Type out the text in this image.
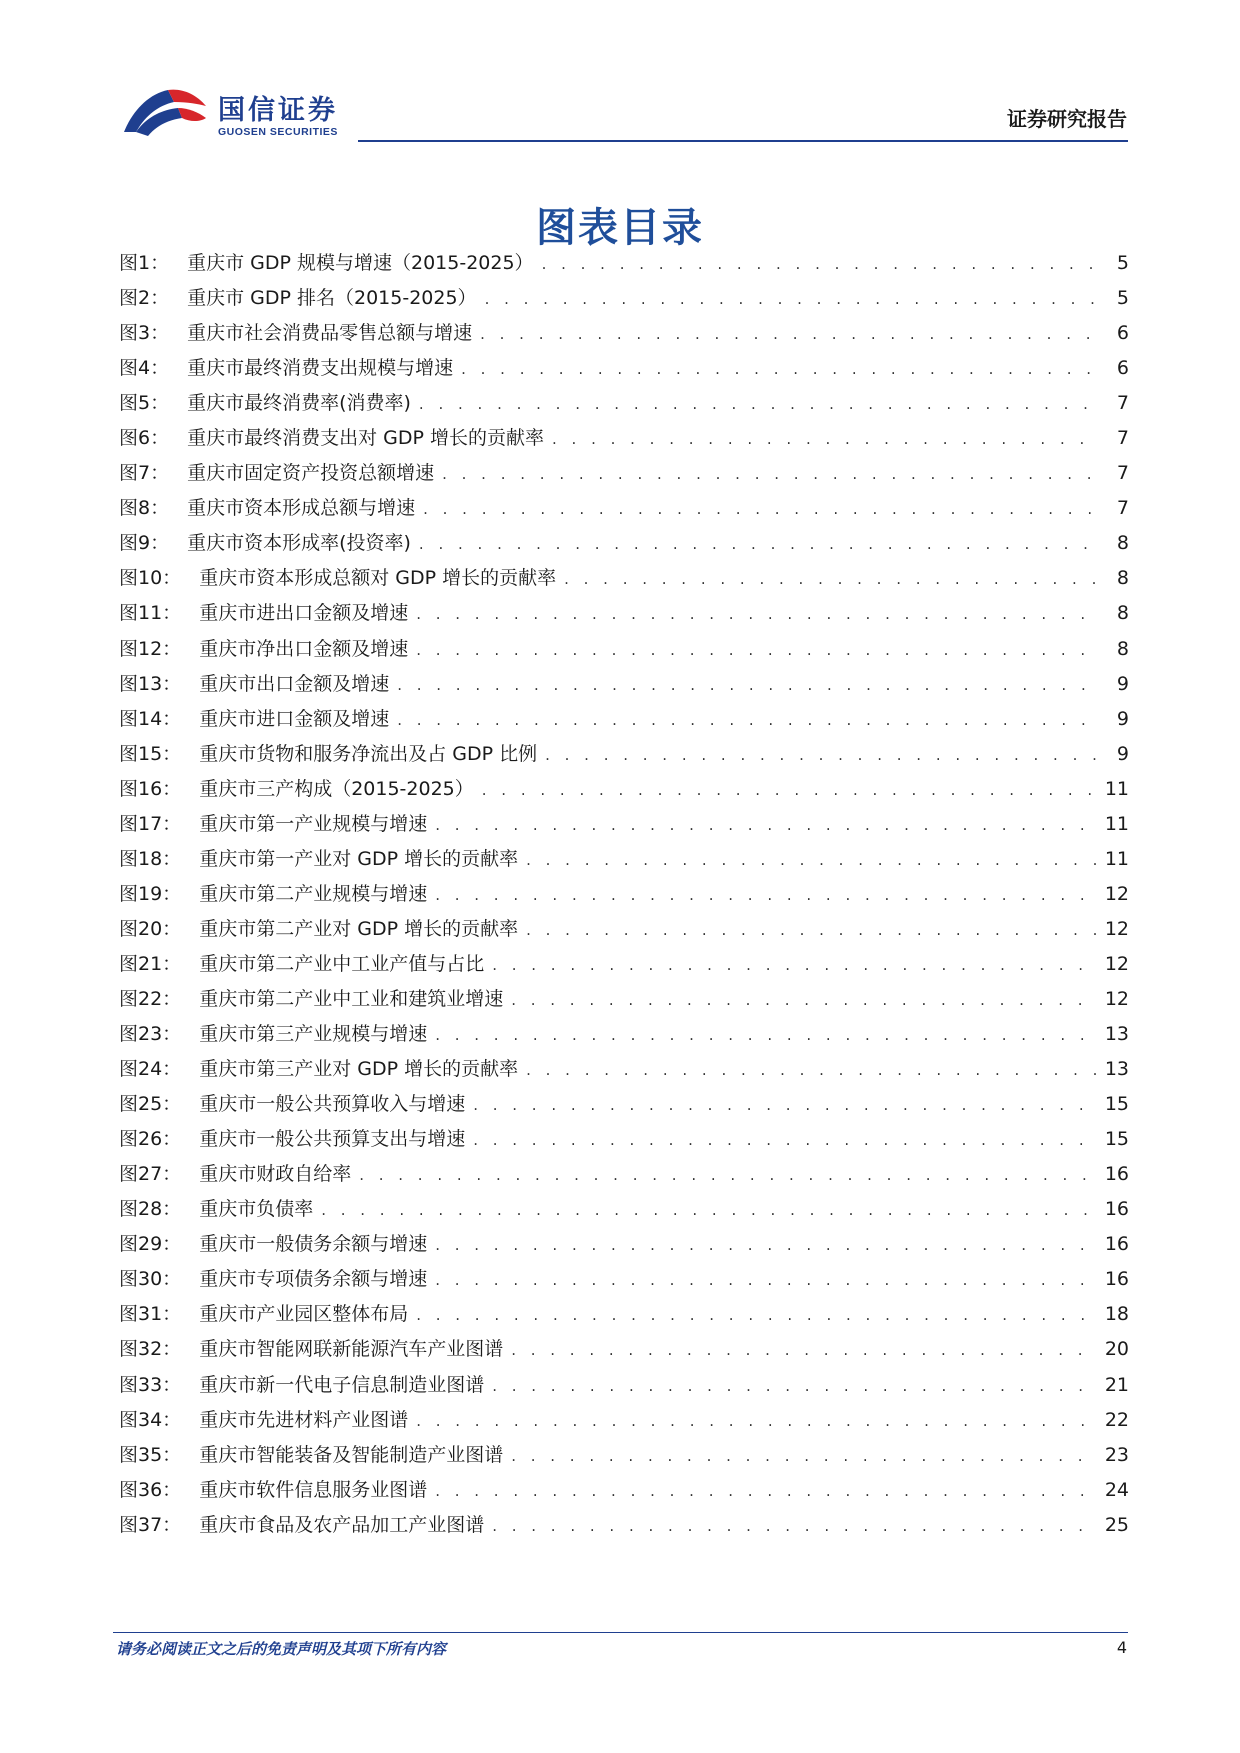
国信证券
GUOSEN SECURITIES
证券研究报告
图表目录
图1： 重庆市 GDP 规模与增速（2015-2025） . . .	5
图2： 重庆市 GDP 排名（2015-2025） . . .	5
图3： 重庆市社会消费品零售总额与增速 . . .	6
图4： 重庆市最终消费支出规模与增速 . . .	6
图5： 重庆市最终消费率(消费率) . . .	7
图6： 重庆市最终消费支出对 GDP 增长的贡献率 . . .	7
图7： 重庆市固定资产投资总额增速 . . .	7
图8： 重庆市资本形成总额与增速 . . .	7
图9： 重庆市资本形成率(投资率) . . .	8
图10： 重庆市资本形成总额对 GDP 增长的贡献率 . . .	8
图11： 重庆市进出口金额及增速 . . .	8
图12： 重庆市净出口金额及增速 . . .	8
图13： 重庆市出口金额及增速 . . .	9
图14： 重庆市进口金额及增速 . . .	9
图15： 重庆市货物和服务净流出及占 GDP 比例 . . .	9
图16： 重庆市三产构成（2015-2025） . . .	11
图17： 重庆市第一产业规模与增速 . . .	11
图18： 重庆市第一产业对 GDP 增长的贡献率 . . .	11
图19： 重庆市第二产业规模与增速 . . .	12
图20： 重庆市第二产业对 GDP 增长的贡献率 . . .	12
图21： 重庆市第二产业中工业产值与占比 . . .	12
图22： 重庆市第二产业中工业和建筑业增速 . . .	12
图23： 重庆市第三产业规模与增速 . . .	13
图24： 重庆市第三产业对 GDP 增长的贡献率 . . .	13
图25： 重庆市一般公共预算收入与增速 . . .	15
图26： 重庆市一般公共预算支出与增速 . . .	15
图27： 重庆市财政自给率 . . .	16
图28： 重庆市负债率 . . .	16
图29： 重庆市一般债务余额与增速 . . .	16
图30： 重庆市专项债务余额与增速 . . .	16
图31： 重庆市产业园区整体布局 . . .	18
图32： 重庆市智能网联新能源汽车产业图谱 . . .	20
图33： 重庆市新一代电子信息制造业图谱 . . .	21
图34： 重庆市先进材料产业图谱 . . .	22
图35： 重庆市智能装备及智能制造产业图谱 . . .	23
图36： 重庆市软件信息服务业图谱 . . .	24
图37： 重庆市食品及农产品加工产业图谱 . . .	25
请务必阅读正文之后的免责声明及其项下所有内容	4
